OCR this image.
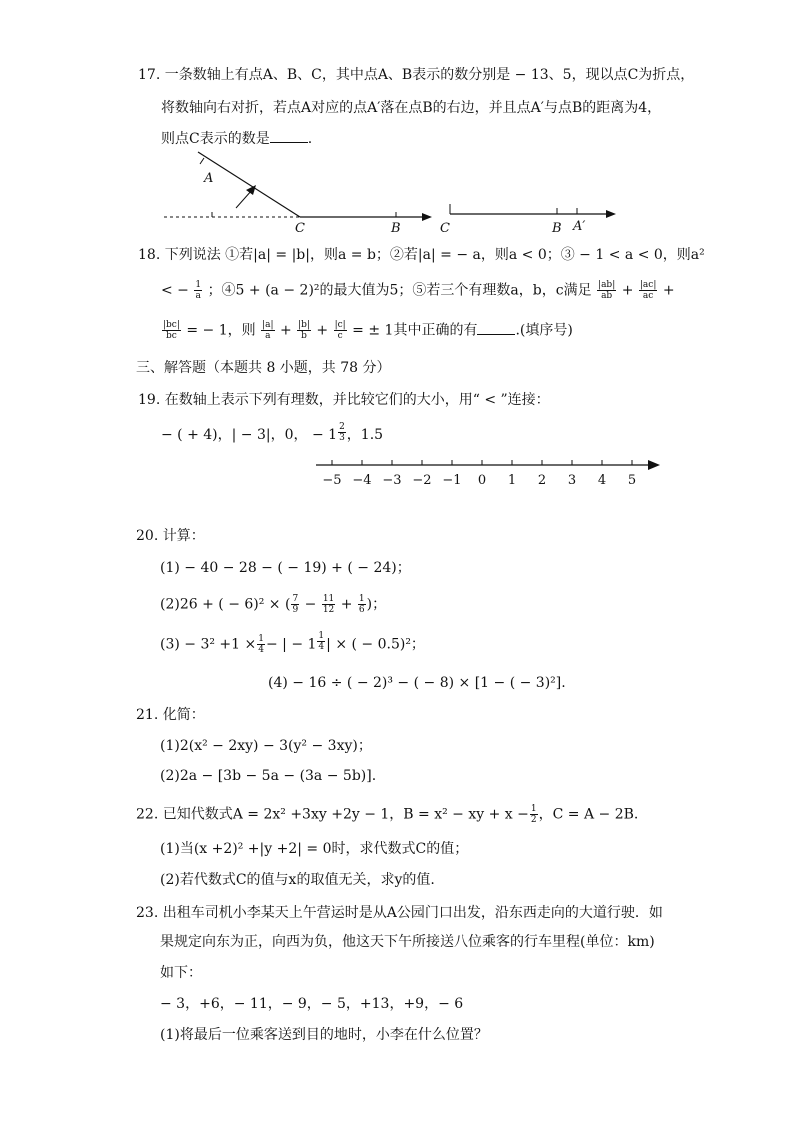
17. 一条数轴上有点A、B、C，其中点A、B表示的数分别是 − 13、5，现以点C为折点，
将数轴向右对折，若点A对应的点A′落在点B的右边，并且点A′与点B的距离为4，
则点C表示的数是	.
A
C	B	C	B A′
18. 下列说法 ①若|a| = |b|，则a = b；②若|a| = − a，则a < 0；③ − 1 < a < 0，则a²
< − $\frac{1}{a}$ ；④5 + (a − 2)²的最大值为5；⑤若三个有理数a，b，c满足 $\frac{|ab|}{ab} + \frac{|ac|}{ac}$ +
$\frac{|bc|}{bc}$ = − 1，则 $\frac{|a|}{a} + \frac{|b|}{b} + \frac{|c|}{c}$ = ± 1其中正确的有	.(填序号)
三、解答题（本题共 8 小题，共 78 分）
19. 在数轴上表示下列有理数，并比较它们的大小，用“ < ”连接：
− ( + 4)，| − 3|，0， − $1 \frac{2}{3}$ ，1.5
−5 −4 −3 −2 −1 0 1 2 3 4 5
20. 计算：
(1) − 40 − 28 − ( − 19) + ( − 24)；
(2)26 + ( − 6)² × ( $\frac{7}{9} - \frac{11}{12} + \frac{1}{6}$ )；
$(3) - 3^2 +1 \times \frac{1}{4}$ − | − $1 \frac{1}{4}$ | × ( − 0.5)²；
(4) − 16 ÷ ( − 2)³ − ( − 8) × [1 − ( − 3)²].
21. 化简：
(1)2(x² − 2xy) − 3(y² − 3xy)；
(2)2a − [3b − 5a − (3a − 5b)].
22. 已知代数式A = 2x² +3xy +2y − 1，B = x² − xy + $x - \frac{1}{2}$ ，C = A − 2B.
(1)当(x +2)² +|y +2| = 0时，求代数式C的值；
(2)若代数式C的值与x的取值无关，求y的值.
23. 出租车司机小李某天上午营运时是从A公园门口出发，沿东西走向的大道行驶．如
果规定向东为正，向西为负，他这天下午所接送八位乘客的行车里程(单位：km)
如下：
− 3，+6，− 11，− 9，− 5，+13，+9，− 6
(1)将最后一位乘客送到目的地时，小李在什么位置？
